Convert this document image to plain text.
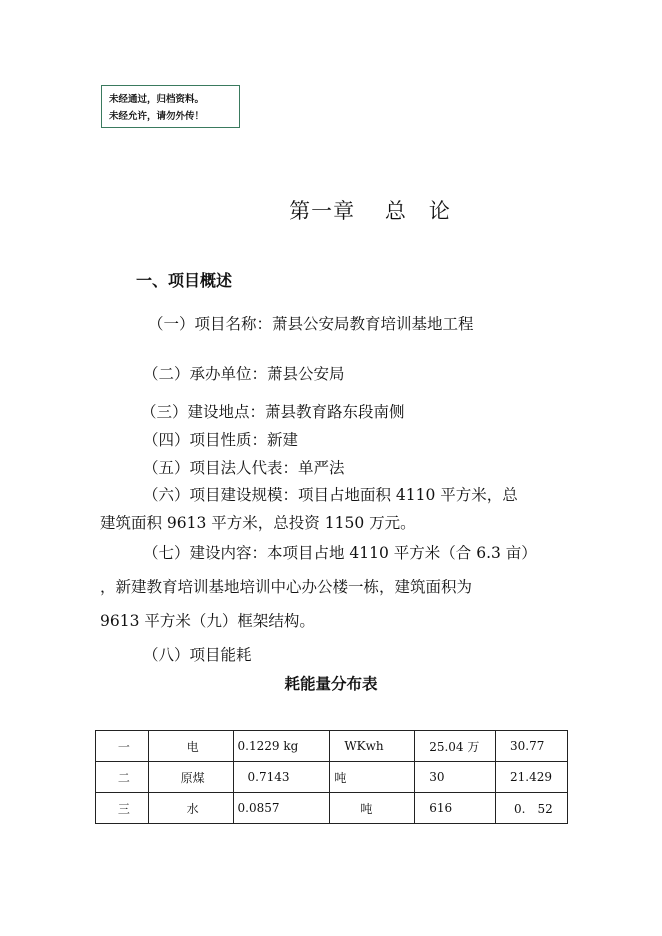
未经通过，归档资料。
未经允许，请勿外传！
第一章　 总　论
一、项目概述
（一）项目名称：萧县公安局教育培训基地工程
（二）承办单位：萧县公安局
（三）建设地点：萧县教育路东段南侧
（四）项目性质：新建
（五）项目法人代表：单严法
（六）项目建设规模：项目占地面积 4110 平方米，总
建筑面积 9613 平方米，总投资 1150 万元。
（七）建设内容：本项目占地 4110 平方米（合 6.3 亩）
，新建教育培训基地培训中心办公楼一栋，建筑面积为
9613 平方米（九）框架结构。
（八）项目能耗
耗能量分布表
一	电	0.1229 kg	WKwh	25.04 万	30.77
二	原煤	0.7143	吨	30	21.429
三	水	0.0857	吨	616	0.　52
